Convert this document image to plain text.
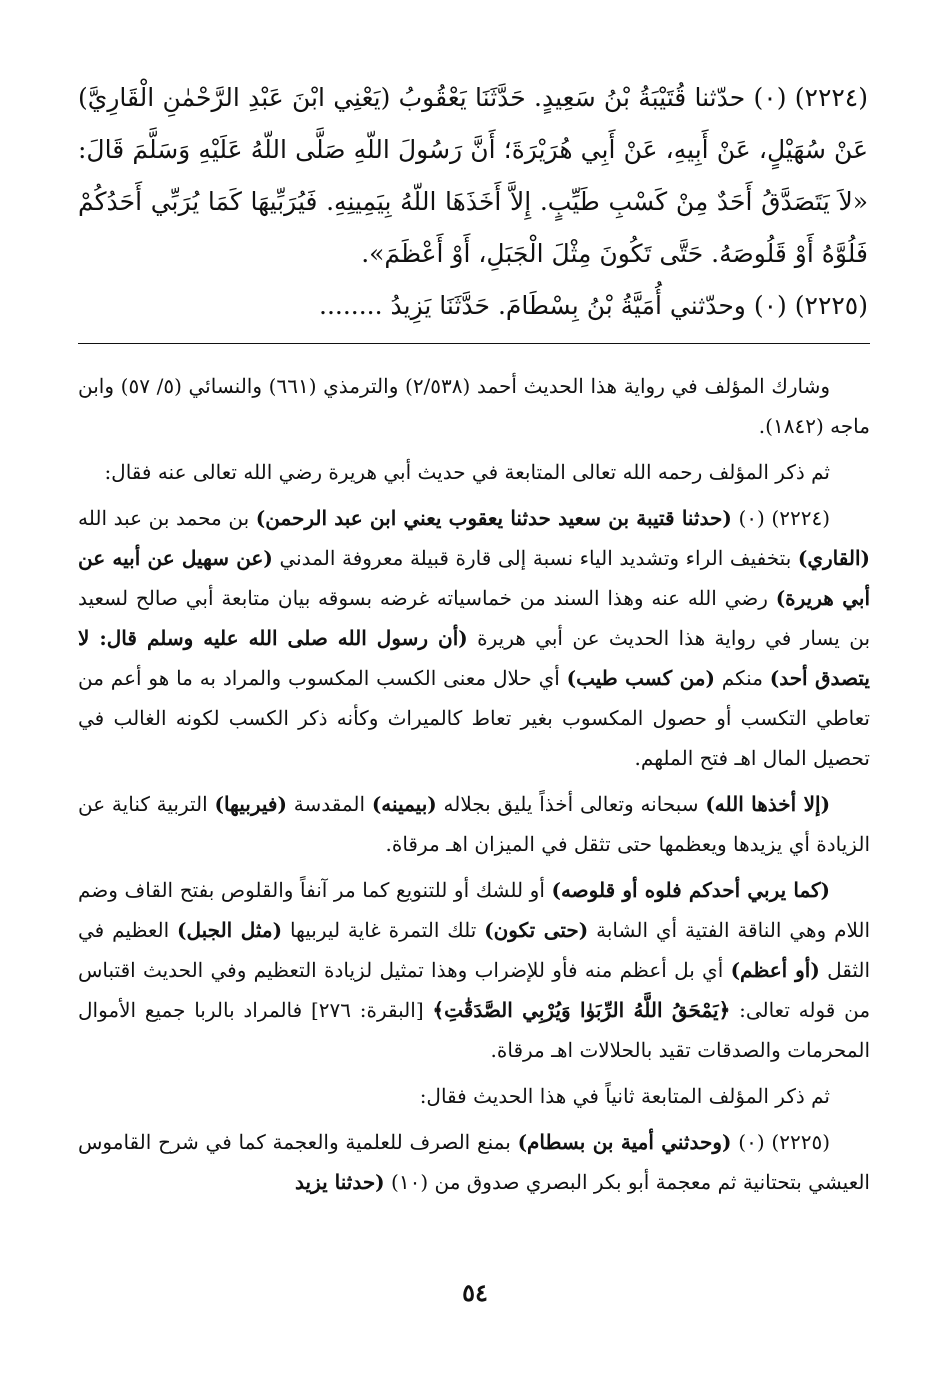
(٢٢٢٤) (٠) حدّثنا قُتَيْبَةُ بْنُ سَعِيدٍ. حَدَّثَنَا يَعْقُوبُ (يَعْنِي ابْنَ عَبْدِ الرَّحْمٰنِ الْقَارِيَّ) عَنْ سُهَيْلٍ، عَنْ أَبِيهِ، عَنْ أَبِي هُرَيْرَةَ؛ أَنَّ رَسُولَ اللّهِ صَلَّى اللّهُ عَلَيْهِ وَسَلَّمَ قَالَ: «لاَ يَتَصَدَّقُ أَحَدٌ مِنْ كَسْبِ طَيِّبٍ. إِلاَّ أَخَذَهَا اللّهُ بِيَمِينِهِ. فَيُرَبِّيهَا كَمَا يُرَبِّي أَحَدُكُمْ فَلُوَّهُ أَوْ قَلُوصَهُ. حَتَّى تَكُونَ مِثْلَ الْجَبَلِ، أَوْ أَعْظَمَ».

(٢٢٢٥) (٠) وحدّثني أُمَيَّةُ بْنُ بِسْطَامَ. حَدَّثَنَا يَزِيدُ ........

وشارك المؤلف في رواية هذا الحديث أحمد (٢/٥٣٨) والترمذي (٦٦١) والنسائي (٥/ ٥٧) وابن ماجه (١٨٤٢).

ثم ذكر المؤلف رحمه الله تعالى المتابعة في حديث أبي هريرة رضي الله تعالى عنه فقال:

(٢٢٢٤) (٠) (حدثنا قتيبة بن سعيد حدثنا يعقوب يعني ابن عبد الرحمن) بن محمد بن عبد الله (القاري) بتخفيف الراء وتشديد الياء نسبة إلى قارة قبيلة معروفة المدني (عن سهيل عن أبيه عن أبي هريرة) رضي الله عنه وهذا السند من خماسياته غرضه بسوقه بيان متابعة أبي صالح لسعيد بن يسار في رواية هذا الحديث عن أبي هريرة (أن رسول الله صلى الله عليه وسلم قال: لا يتصدق أحد) منكم (من كسب طيب) أي حلال معنى الكسب المكسوب والمراد به ما هو أعم من تعاطي التكسب أو حصول المكسوب بغير تعاط كالميراث وكأنه ذكر الكسب لكونه الغالب في تحصيل المال اهـ فتح الملهم.

(إلا أخذها الله) سبحانه وتعالى أخذاً يليق بجلاله (بيمينه) المقدسة (فيربيها) التربية كناية عن الزيادة أي يزيدها ويعظمها حتى تثقل في الميزان اهـ مرقاة.

(كما يربي أحدكم فلوه أو قلوصه) أو للشك أو للتنويع كما مر آنفاً والقلوص بفتح القاف وضم اللام وهي الناقة الفتية أي الشابة (حتى تكون) تلك التمرة غاية ليربيها (مثل الجبل) العظيم في الثقل (أو أعظم) أي بل أعظم منه فأو للإضراب وهذا تمثيل لزيادة التعظيم وفي الحديث اقتباس من قوله تعالى: ﴿يَمْحَقُ اللَّهُ الرِّبَوٰا وَيُرْبِي الصَّدَقَٰتِ﴾ [البقرة: ٢٧٦] فالمراد بالربا جميع الأموال المحرمات والصدقات تقيد بالحلالات اهـ مرقاة.

ثم ذكر المؤلف المتابعة ثانياً في هذا الحديث فقال:

(٢٢٢٥) (٠) (وحدثني أمية بن بسطام) بمنع الصرف للعلمية والعجمة كما في شرح القاموس العيشي بتحتانية ثم معجمة أبو بكر البصري صدوق من (١٠) (حدثنا يزيد

٥٤
